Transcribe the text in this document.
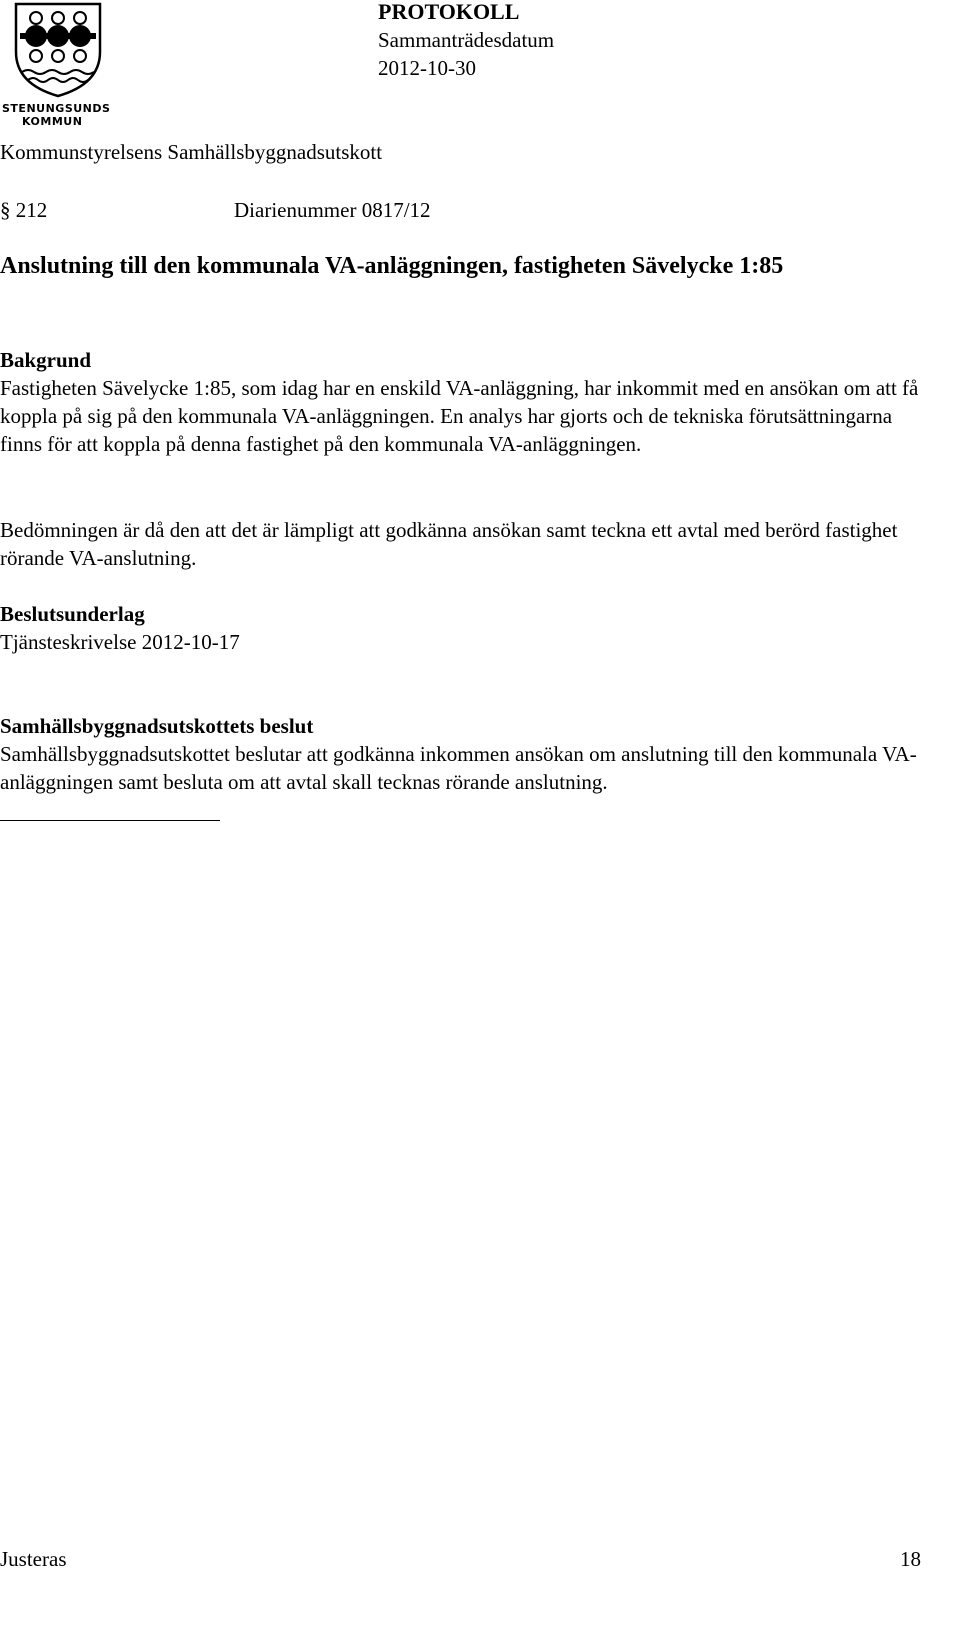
STENUNGSUNDS
KOMMUN
PROTOKOLL
Sammanträdesdatum
2012-10-30
Kommunstyrelsens Samhällsbyggnadsutskott
§ 212	Diarienummer 0817/12
Anslutning till den kommunala VA-anläggningen, fastigheten Sävelycke 1:85
Bakgrund
Fastigheten Sävelycke 1:85, som idag har en enskild VA-anläggning, har inkommit med en ansökan om att få koppla på sig på den kommunala VA-anläggningen. En analys har gjorts och de tekniska förutsättningarna finns för att koppla på denna fastighet på den kommunala VA-anläggningen.
Bedömningen är då den att det är lämpligt att godkänna ansökan samt teckna ett avtal med berörd fastighet rörande VA-anslutning.
Beslutsunderlag
Tjänsteskrivelse 2012-10-17
Samhällsbyggnadsutskottets beslut
Samhällsbyggnadsutskottet beslutar att godkänna inkommen ansökan om anslutning till den kommunala VA-anläggningen samt besluta om att avtal skall tecknas rörande anslutning.
Justeras	18
